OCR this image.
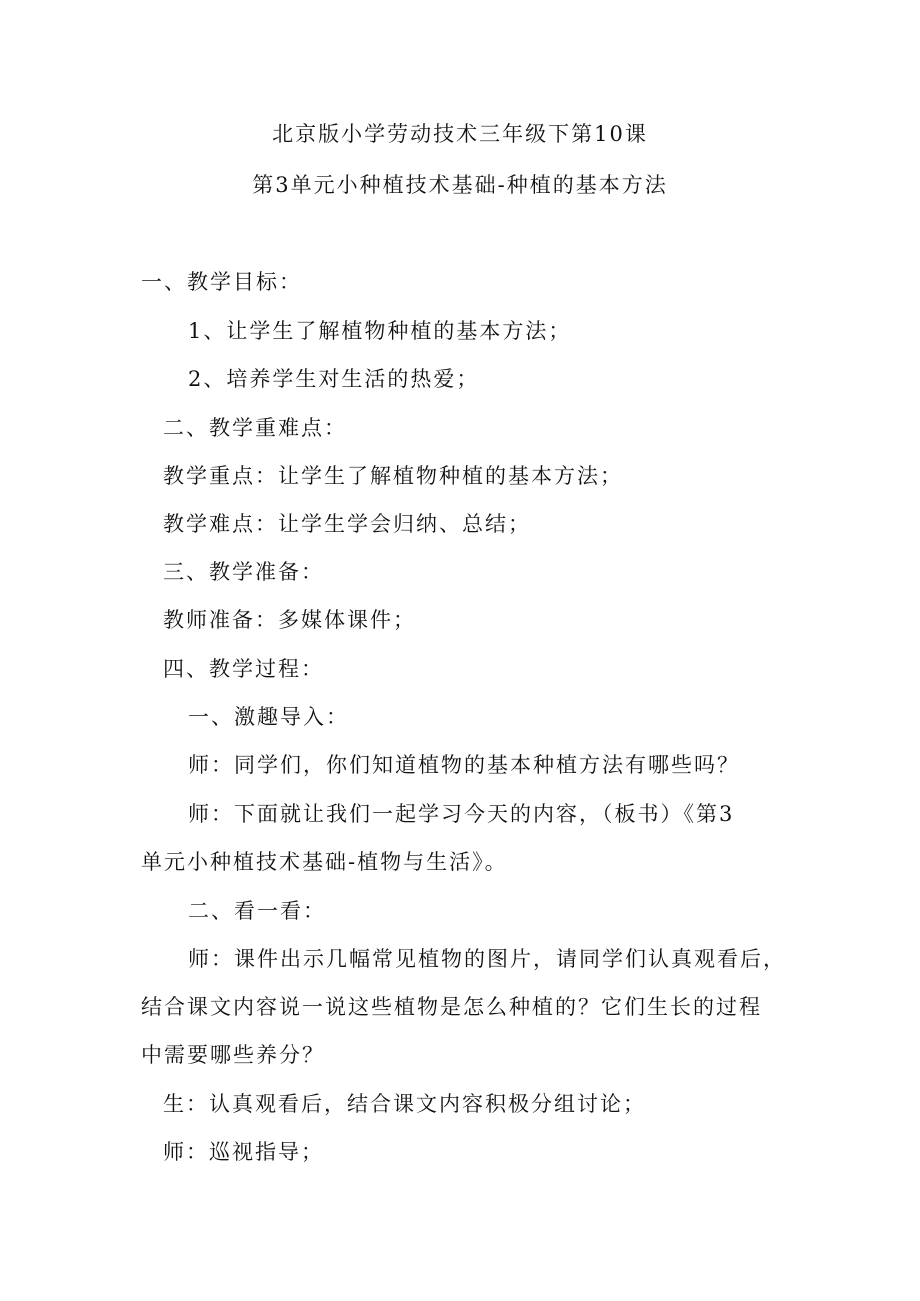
北京版小学劳动技术三年级下第10课
第3单元小种植技术基础-种植的基本方法
一、教学目标：
1、让学生了解植物种植的基本方法；
2、培养学生对生活的热爱；
二、教学重难点：
教学重点：让学生了解植物种植的基本方法；
教学难点：让学生学会归纳、总结；
三、教学准备：
教师准备：多媒体课件；
四、教学过程：
一、激趣导入：
师：同学们，你们知道植物的基本种植方法有哪些吗？
师：下面就让我们一起学习今天的内容，（板书）《第3
单元小种植技术基础-植物与生活》。
二、看一看：
师：课件出示几幅常见植物的图片，请同学们认真观看后，
结合课文内容说一说这些植物是怎么种植的？它们生长的过程
中需要哪些养分？
生：认真观看后，结合课文内容积极分组讨论；
师：巡视指导；
